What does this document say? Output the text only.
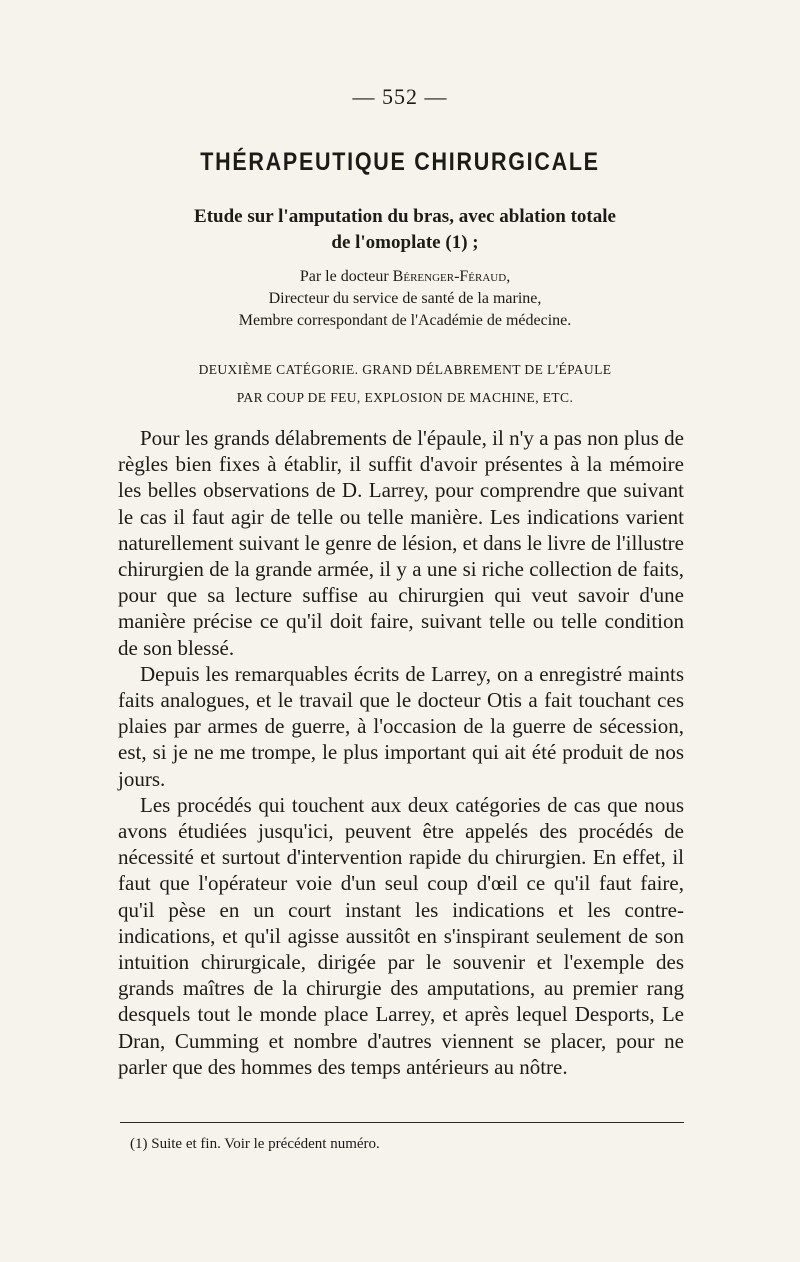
— 552 —
THÉRAPEUTIQUE CHIRURGICALE
Etude sur l'amputation du bras, avec ablation totale
de l'omoplate (1) ;
Par le docteur Bérenger-Féraud,
Directeur du service de santé de la marine,
Membre correspondant de l'Académie de médecine.
DEUXIÈME CATÉGORIE. GRAND DÉLABREMENT DE L'ÉPAULE
PAR COUP DE FEU, EXPLOSION DE MACHINE, ETC.

Pour les grands délabrements de l'épaule, il n'y a pas non plus de règles bien fixes à établir, il suffit d'avoir présentes à la mémoire les belles observations de D. Larrey, pour comprendre que suivant le cas il faut agir de telle ou telle manière. Les indications varient naturellement suivant le genre de lésion, et dans le livre de l'illustre chirurgien de la grande armée, il y a une si riche collection de faits, pour que sa lecture suffise au chirurgien qui veut savoir d'une manière précise ce qu'il doit faire, suivant telle ou telle condition de son blessé.

Depuis les remarquables écrits de Larrey, on a enregistré maints faits analogues, et le travail que le docteur Otis a fait touchant ces plaies par armes de guerre, à l'occasion de la guerre de sécession, est, si je ne me trompe, le plus important qui ait été produit de nos jours.

Les procédés qui touchent aux deux catégories de cas que nous avons étudiées jusqu'ici, peuvent être appelés des procédés de nécessité et surtout d'intervention rapide du chirurgien. En effet, il faut que l'opérateur voie d'un seul coup d'œil ce qu'il faut faire, qu'il pèse en un court instant les indications et les contre-indications, et qu'il agisse aussitôt en s'inspirant seulement de son intuition chirurgicale, dirigée par le souvenir et l'exemple des grands maîtres de la chirurgie des amputations, au premier rang desquels tout le monde place Larrey, et après lequel Desports, Le Dran, Cumming et nombre d'autres viennent se placer, pour ne parler que des hommes des temps antérieurs au nôtre.

(1) Suite et fin. Voir le précédent numéro.
